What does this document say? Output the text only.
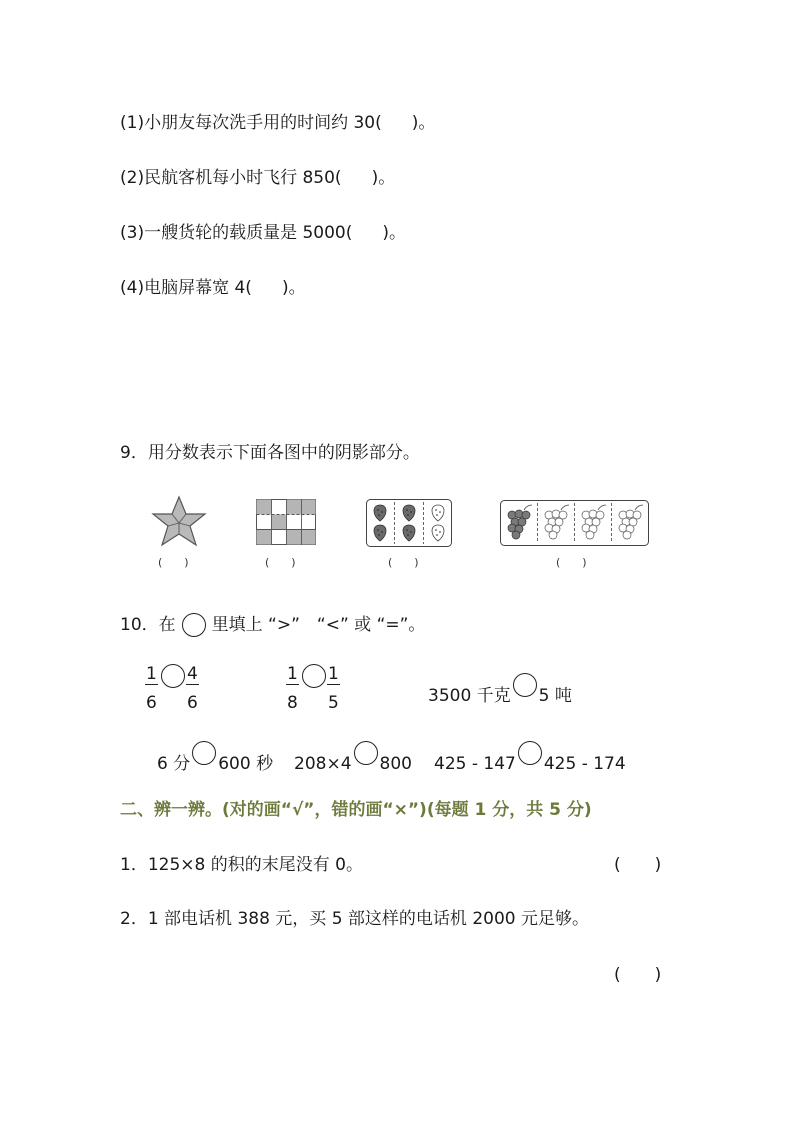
(1)小朋友每次洗手用的时间约 30( )。
(2)民航客机每小时飞行 850( )。
(3)一艘货轮的载质量是 5000( )。
(4)电脑屏幕宽 4( )。
9．用分数表示下面各图中的阴影部分。
(　　)	(　　)	(　　)	(　　)
10．在 里填上 “>”　“<” 或 “=”。
$\frac{1}{6} \frac{4}{6}$	$\frac{1}{8} \frac{1}{5}$	3500 千克 5 吨
6 分 600 秒 208×4 800 425 - 147 425 - 174
二、辨一辨。(对的画“√”，错的画“×”)(每题 1 分，共 5 分)
1．125×8 的积的末尾没有 0。	(　　)
2．1 部电话机 388 元，买 5 部这样的电话机 2000 元足够。
(　　)
